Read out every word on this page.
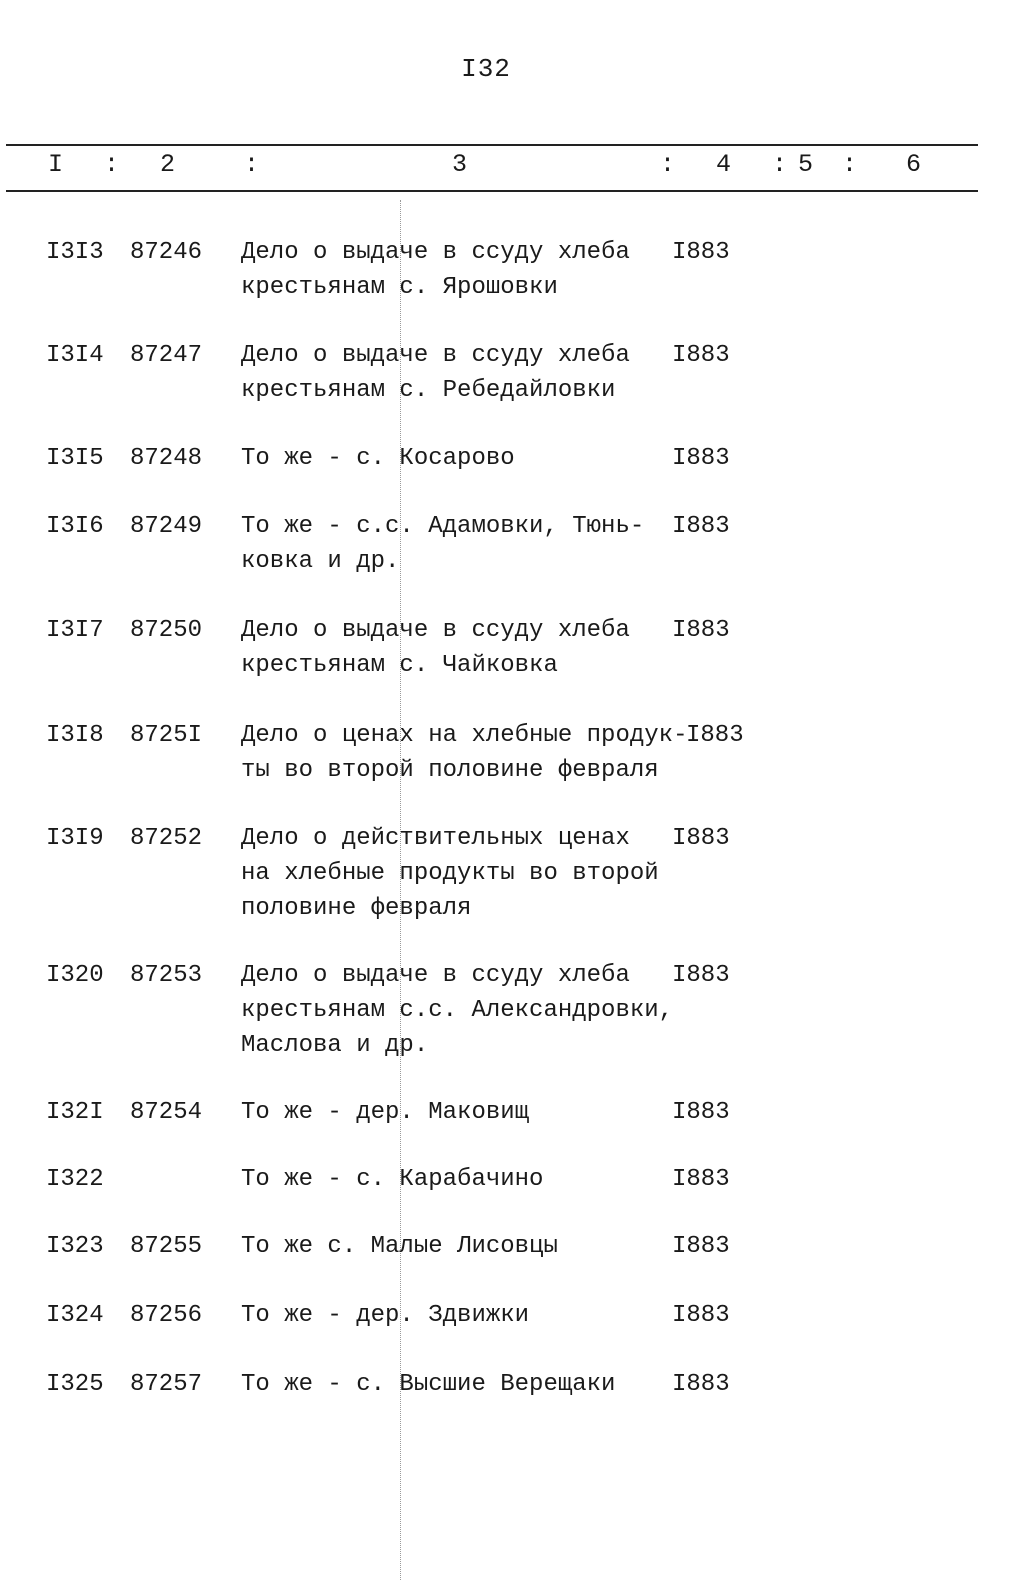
I32
I : 2	:	3	: 4 : 5 : 6
I3I3 87246 Дело о выдаче в ссуду хлеба
крестьянам с. Ярошовки
I883
I3I4 87247 Дело о выдаче в ссуду хлеба
крестьянам с. Ребедайловки
I883
I3I5 87248 То же - с. Косарово	I883
I3I6 87249 То же - с.с. Адамовки, Тюнь-
ковка и др.
I883
I3I7 87250 Дело о выдаче в ссуду хлеба
крестьянам с. Чайковка
I883
I3I8 8725I Дело о ценах на хлебные продук-
ты во второй половине февраля
I883
I3I9 87252 Дело о действительных ценах
на хлебные продукты во второй
половине февраля
I883
I320 87253 Дело о выдаче в ссуду хлеба
крестьянам с.с. Александровки,
Маслова и др.
I883
I32I 87254 То же - дер. Маковищ	I883
I322	То же - с. Карабачино	I883
I323 87255 То же с. Малые Лисовцы	I883
I324 87256 То же - дер. Здвижки	I883
I325 87257 То же - с. Высшие Верещаки	I883
